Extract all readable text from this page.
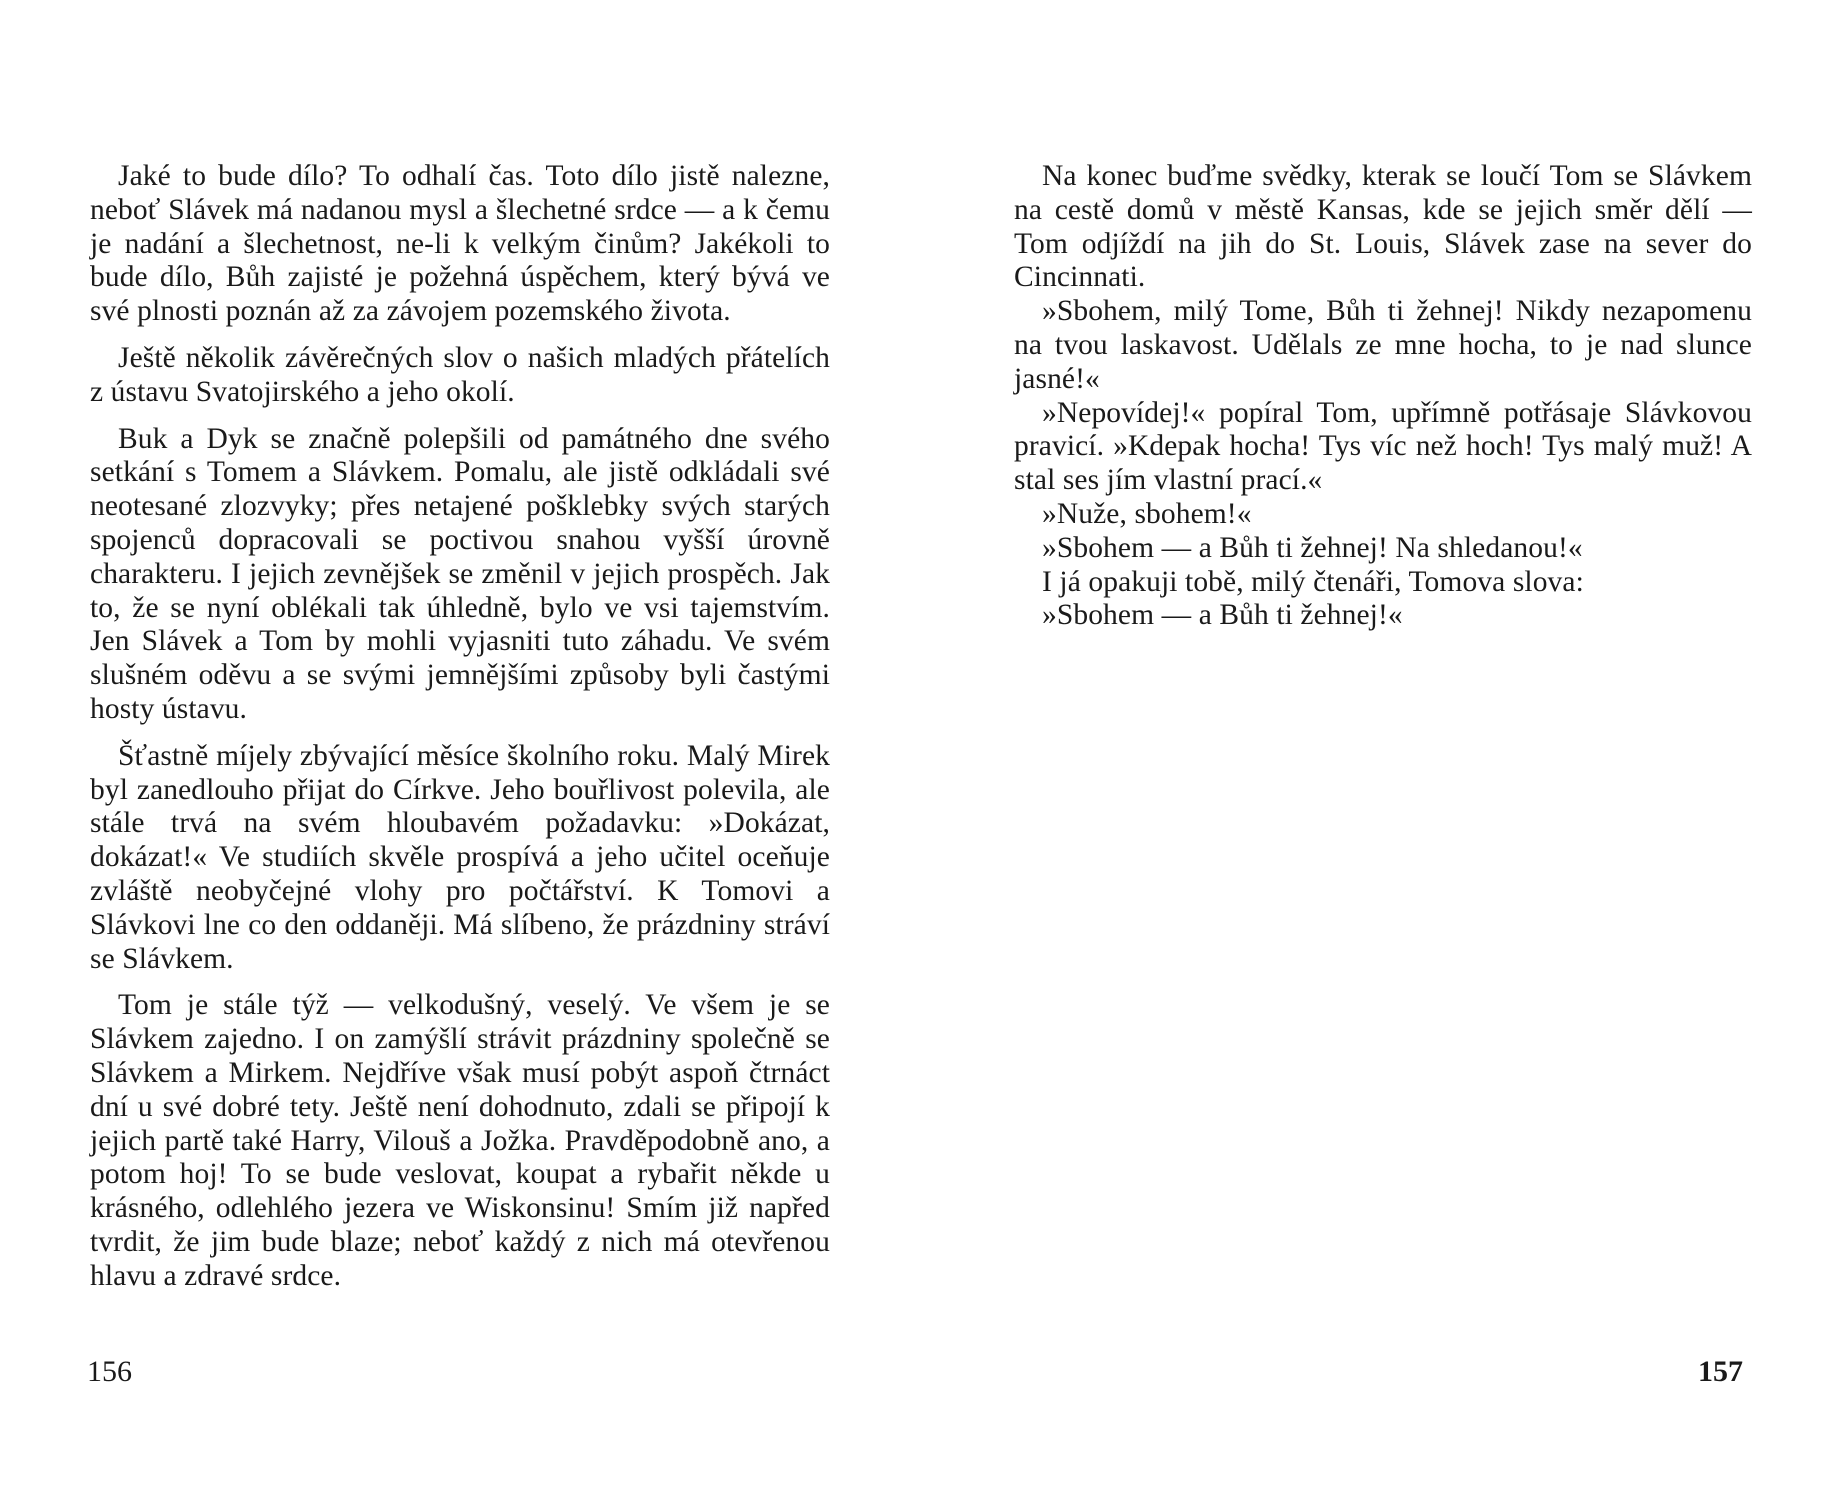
Jaké to bude dílo? To odhalí čas. Toto dílo jistě nalezne, neboť Slávek má nadanou mysl a šlechetné srdce — a k čemu je nadání a šlechetnost, ne-li k velkým činům? Jakékoli to bude dílo, Bůh zajisté je požehná úspěchem, který bývá ve své plnosti poznán až za závojem pozemského života.

Ještě několik závěrečných slov o našich mladých přátelích z ústavu Svatojirského a jeho okolí.

Buk a Dyk se značně polepšili od památného dne svého setkání s Tomem a Slávkem. Pomalu, ale jistě odkládali své neotesané zlozvyky; přes netajené pošklebky svých starých spojenců dopracovali se poctivou snahou vyšší úrovně charakteru. I jejich zevnějšek se změnil v jejich prospěch. Jak to, že se nyní oblékali tak úhledně, bylo ve vsi tajemstvím. Jen Slávek a Tom by mohli vyjasniti tuto záhadu. Ve svém slušném oděvu a se svými jemnějšími způsoby byli častými hosty ústavu.

Šťastně míjely zbývající měsíce školního roku. Malý Mirek byl zanedlouho přijat do Církve. Jeho bouřlivost polevila, ale stále trvá na svém hloubavém požadavku: »Dokázat, dokázat!« Ve studiích skvěle prospívá a jeho učitel oceňuje zvláště neobyčejné vlohy pro počtářství. K Tomovi a Slávkovi lne co den oddaněji. Má slíbeno, že prázdniny stráví se Slávkem.

Tom je stále týž — velkodušný, veselý. Ve všem je se Slávkem zajedno. I on zamýšlí strávit prázdniny společně se Slávkem a Mirkem. Nejdříve však musí pobýt aspoň čtrnáct dní u své dobré tety. Ještě není dohodnuto, zdali se připojí k jejich partě také Harry, Vilouš a Jožka. Pravděpodobně ano, a potom hoj! To se bude veslovat, koupat a rybařit někde u krásného, odlehlého jezera ve Wiskonsinu! Smím již napřed tvrdit, že jim bude blaze; neboť každý z nich má otevřenou hlavu a zdravé srdce.

156

Na konec buďme svědky, kterak se loučí Tom se Slávkem na cestě domů v městě Kansas, kde se jejich směr dělí — Tom odjíždí na jih do St. Louis, Slávek zase na sever do Cincinnati.

»Sbohem, milý Tome, Bůh ti žehnej! Nikdy nezapomenu na tvou laskavost. Udělals ze mne hocha, to je nad slunce jasné!«

»Nepovídej!« popíral Tom, upřímně potřásaje Slávkovou pravicí. »Kdepak hocha! Tys víc než hoch! Tys malý muž! A stal ses jím vlastní prací.«

»Nuže, sbohem!«

»Sbohem — a Bůh ti žehnej! Na shledanou!«

I já opakuji tobě, milý čtenáři, Tomova slova:

»Sbohem — a Bůh ti žehnej!«

157
